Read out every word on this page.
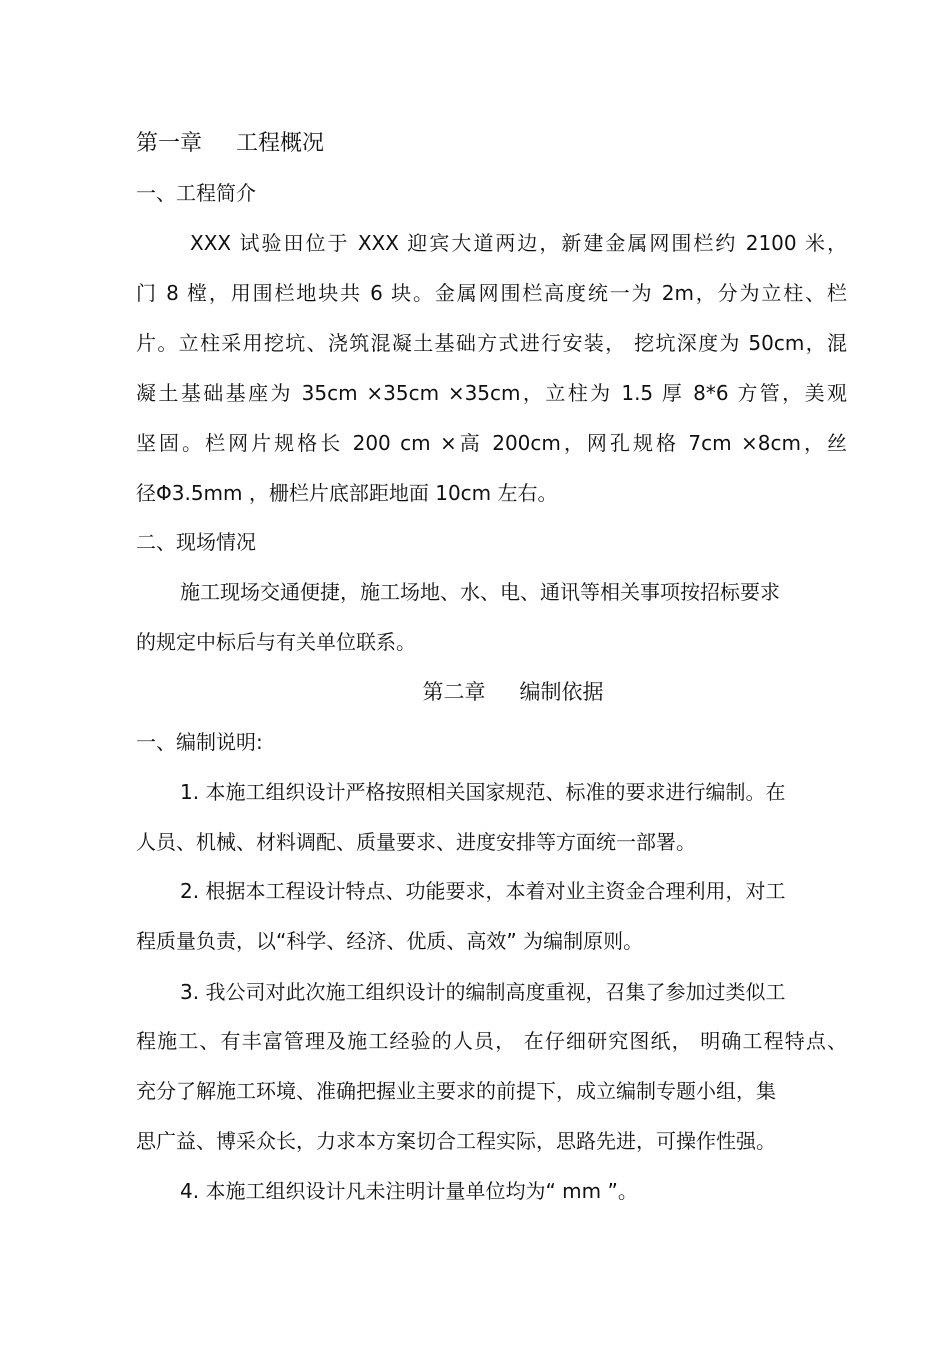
第一章 工程概况
一、工程简介
XXX 试验田位于 XXX 迎宾大道两边，新建金属网围栏约 2100 米，
门 8 樘，用围栏地块共 6 块。金属网围栏高度统一为 2m，分为立柱、栏
片。立柱采用挖坑、浇筑混凝土基础方式进行安装， 挖坑深度为 50cm，混
凝土基础基座为 35cm ×35cm ×35cm，立柱为 1.5 厚 8*6 方管，美观
坚固。栏网片规格长 200 cm ×高 200cm，网孔规格 7cm ×8cm，丝
径Φ3.5mm ，栅栏片底部距地面 10cm 左右。
二、现场情况
施工现场交通便捷，施工场地、水、电、通讯等相关事项按招标要求
的规定中标后与有关单位联系。
第二章 编制依据
一、编制说明:
1. 本施工组织设计严格按照相关国家规范、标准的要求进行编制。在
人员、机械、材料调配、质量要求、进度安排等方面统一部署。
2. 根据本工程设计特点、功能要求，本着对业主资金合理利用，对工
程质量负责，以“科学、经济、优质、高效” 为编制原则。
3. 我公司对此次施工组织设计的编制高度重视，召集了参加过类似工
程施工、有丰富管理及施工经验的人员， 在仔细研究图纸， 明确工程特点、
充分了解施工环境、准确把握业主要求的前提下，成立编制专题小组，集
思广益、博采众长，力求本方案切合工程实际，思路先进，可操作性强。
4. 本施工组织设计凡未注明计量单位均为“ mm ”。
